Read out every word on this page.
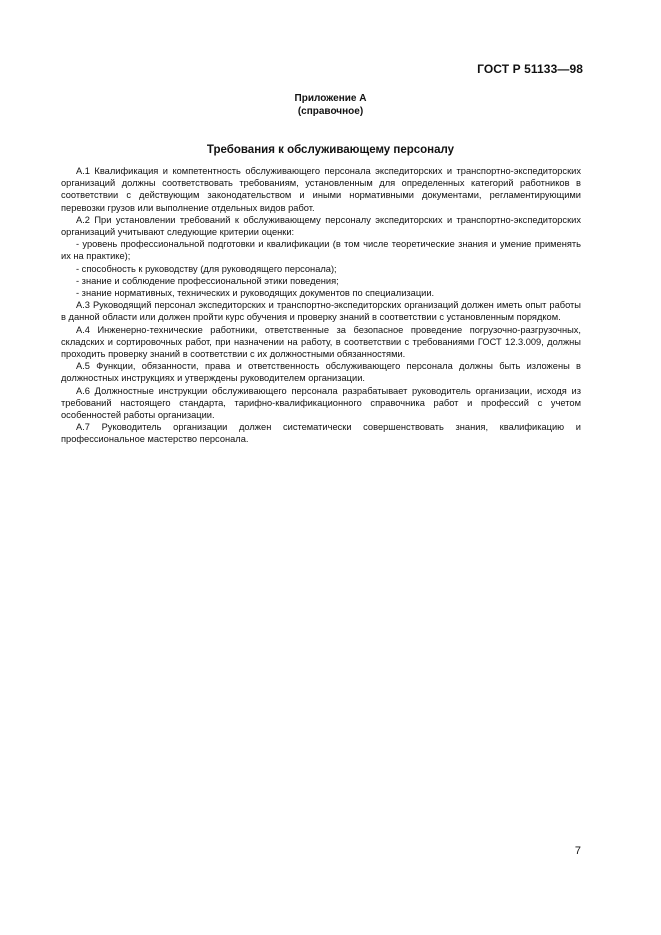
ГОСТ Р 51133—98
Приложение А
(справочное)
Требования к обслуживающему персоналу

А.1 Квалификация и компетентность обслуживающего персонала экспедиторских и транспортно-экспедиторских организаций должны соответствовать требованиям, установленным для определенных категорий работников в соответствии с действующим законодательством и иными нормативными документами, регламентирующими перевозки грузов или выполнение отдельных видов работ.

А.2 При установлении требований к обслуживающему персоналу экспедиторских и транспортно-экспедиторских организаций учитывают следующие критерии оценки:

- уровень профессиональной подготовки и квалификации (в том числе теоретические знания и умение применять их на практике);

- способность к руководству (для руководящего персонала);

- знание и соблюдение профессиональной этики поведения;

- знание нормативных, технических и руководящих документов по специализации.

А.3 Руководящий персонал экспедиторских и транспортно-экспедиторских организаций должен иметь опыт работы в данной области или должен пройти курс обучения и проверку знаний в соответствии с установленным порядком.

А.4 Инженерно-технические работники, ответственные за безопасное проведение погрузочно-разгрузочных, складских и сортировочных работ, при назначении на работу, в соответствии с требованиями ГОСТ 12.3.009, должны проходить проверку знаний в соответствии с их должностными обязанностями.

А.5 Функции, обязанности, права и ответственность обслуживающего персонала должны быть изложены в должностных инструкциях и утверждены руководителем организации.

А.6 Должностные инструкции обслуживающего персонала разрабатывает руководитель организации, исходя из требований настоящего стандарта, тарифно-квалификационного справочника работ и профессий с учетом особенностей работы организации.

А.7 Руководитель организации должен систематически совершенствовать знания, квалификацию и профессиональное мастерство персонала.

7
